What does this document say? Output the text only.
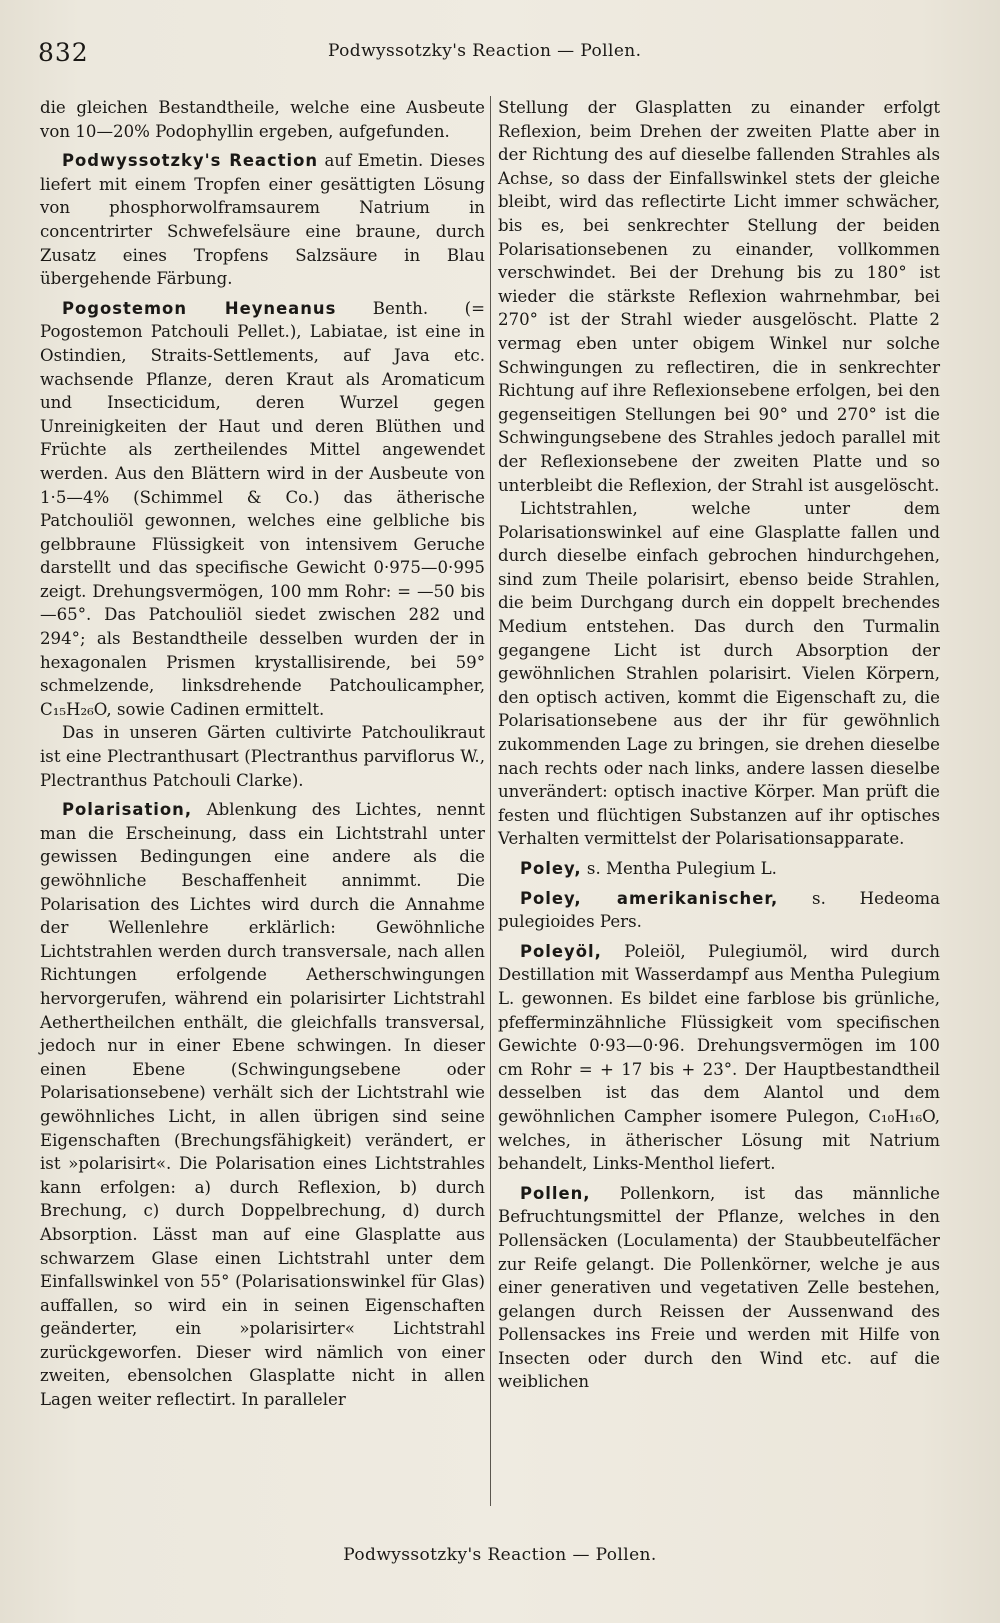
832	Podwyssotzky's Reaction — Pollen.

die gleichen Bestandtheile, welche eine Ausbeute von 10—20% Podophyllin ergeben, aufgefunden.

Podwyssotzky's Reaction auf Emetin. Dieses liefert mit einem Tropfen einer gesättigten Lösung von phosphorwolframsaurem Natrium in concentrirter Schwefelsäure eine braune, durch Zusatz eines Tropfens Salzsäure in Blau übergehende Färbung.

Pogostemon Heyneanus Benth. (= Pogostemon Patchouli Pellet.), Labiatae, ist eine in Ostindien, Straits-Settlements, auf Java etc. wachsende Pflanze, deren Kraut als Aromaticum und Insecticidum, deren Wurzel gegen Unreinigkeiten der Haut und deren Blüthen und Früchte als zertheilendes Mittel angewendet werden. Aus den Blättern wird in der Ausbeute von 1·5—4% (Schimmel & Co.) das ätherische Patchouliöl gewonnen, welches eine gelbliche bis gelbbraune Flüssigkeit von intensivem Geruche darstellt und das specifische Gewicht 0·975—0·995 zeigt. Drehungsvermögen, 100 mm Rohr: = —50 bis —65°. Das Patchouliöl siedet zwischen 282 und 294°; als Bestandtheile desselben wurden der in hexagonalen Prismen krystallisirende, bei 59° schmelzende, linksdrehende Patchoulicampher, C₁₅H₂₆O, sowie Cadinen ermittelt.

Das in unseren Gärten cultivirte Patchoulikraut ist eine Plectranthusart (Plectranthus parviflorus W., Plectranthus Patchouli Clarke).

Polarisation, Ablenkung des Lichtes, nennt man die Erscheinung, dass ein Lichtstrahl unter gewissen Bedingungen eine andere als die gewöhnliche Beschaffenheit annimmt. Die Polarisation des Lichtes wird durch die Annahme der Wellenlehre erklärlich: Gewöhnliche Lichtstrahlen werden durch transversale, nach allen Richtungen erfolgende Aetherschwingungen hervorgerufen, während ein polarisirter Lichtstrahl Aethertheilchen enthält, die gleichfalls transversal, jedoch nur in einer Ebene schwingen. In dieser einen Ebene (Schwingungsebene oder Polarisationsebene) verhält sich der Lichtstrahl wie gewöhnliches Licht, in allen übrigen sind seine Eigenschaften (Brechungsfähigkeit) verändert, er ist »polarisirt«. Die Polarisation eines Lichtstrahles kann erfolgen: a) durch Reflexion, b) durch Brechung, c) durch Doppelbrechung, d) durch Absorption. Lässt man auf eine Glasplatte aus schwarzem Glase einen Lichtstrahl unter dem Einfallswinkel von 55° (Polarisationswinkel für Glas) auffallen, so wird ein in seinen Eigenschaften geänderter, ein »polarisirter« Lichtstrahl zurückgeworfen. Dieser wird nämlich von einer zweiten, ebensolchen Glasplatte nicht in allen Lagen weiter reflectirt. In paralleler

Stellung der Glasplatten zu einander erfolgt Reflexion, beim Drehen der zweiten Platte aber in der Richtung des auf dieselbe fallenden Strahles als Achse, so dass der Einfallswinkel stets der gleiche bleibt, wird das reflectirte Licht immer schwächer, bis es, bei senkrechter Stellung der beiden Polarisationsebenen zu einander, vollkommen verschwindet. Bei der Drehung bis zu 180° ist wieder die stärkste Reflexion wahrnehmbar, bei 270° ist der Strahl wieder ausgelöscht. Platte 2 vermag eben unter obigem Winkel nur solche Schwingungen zu reflectiren, die in senkrechter Richtung auf ihre Reflexionsebene erfolgen, bei den gegenseitigen Stellungen bei 90° und 270° ist die Schwingungsebene des Strahles jedoch parallel mit der Reflexionsebene der zweiten Platte und so unterbleibt die Reflexion, der Strahl ist ausgelöscht.

Lichtstrahlen, welche unter dem Polarisationswinkel auf eine Glasplatte fallen und durch dieselbe einfach gebrochen hindurchgehen, sind zum Theile polarisirt, ebenso beide Strahlen, die beim Durchgang durch ein doppelt brechendes Medium entstehen. Das durch den Turmalin gegangene Licht ist durch Absorption der gewöhnlichen Strahlen polarisirt. Vielen Körpern, den optisch activen, kommt die Eigenschaft zu, die Polarisationsebene aus der ihr für gewöhnlich zukommenden Lage zu bringen, sie drehen dieselbe nach rechts oder nach links, andere lassen dieselbe unverändert: optisch inactive Körper. Man prüft die festen und flüchtigen Substanzen auf ihr optisches Verhalten vermittelst der Polarisationsapparate.

Poley, s. Mentha Pulegium L.

Poley, amerikanischer, s. Hedeoma pulegioides Pers.

Poleyöl, Poleiöl, Pulegiumöl, wird durch Destillation mit Wasserdampf aus Mentha Pulegium L. gewonnen. Es bildet eine farblose bis grünliche, pfefferminzähnliche Flüssigkeit vom specifischen Gewichte 0·93—0·96. Drehungsvermögen im 100 cm Rohr = + 17 bis + 23°. Der Hauptbestandtheil desselben ist das dem Alantol und dem gewöhnlichen Campher isomere Pulegon, C₁₀H₁₆O, welches, in ätherischer Lösung mit Natrium behandelt, Links-Menthol liefert.

Pollen, Pollenkorn, ist das männliche Befruchtungsmittel der Pflanze, welches in den Pollensäcken (Loculamenta) der Staubbeutelfächer zur Reife gelangt. Die Pollenkörner, welche je aus einer generativen und vegetativen Zelle bestehen, gelangen durch Reissen der Aussenwand des Pollensackes ins Freie und werden mit Hilfe von Insecten oder durch den Wind etc. auf die weiblichen

Podwyssotzky's Reaction — Pollen.
